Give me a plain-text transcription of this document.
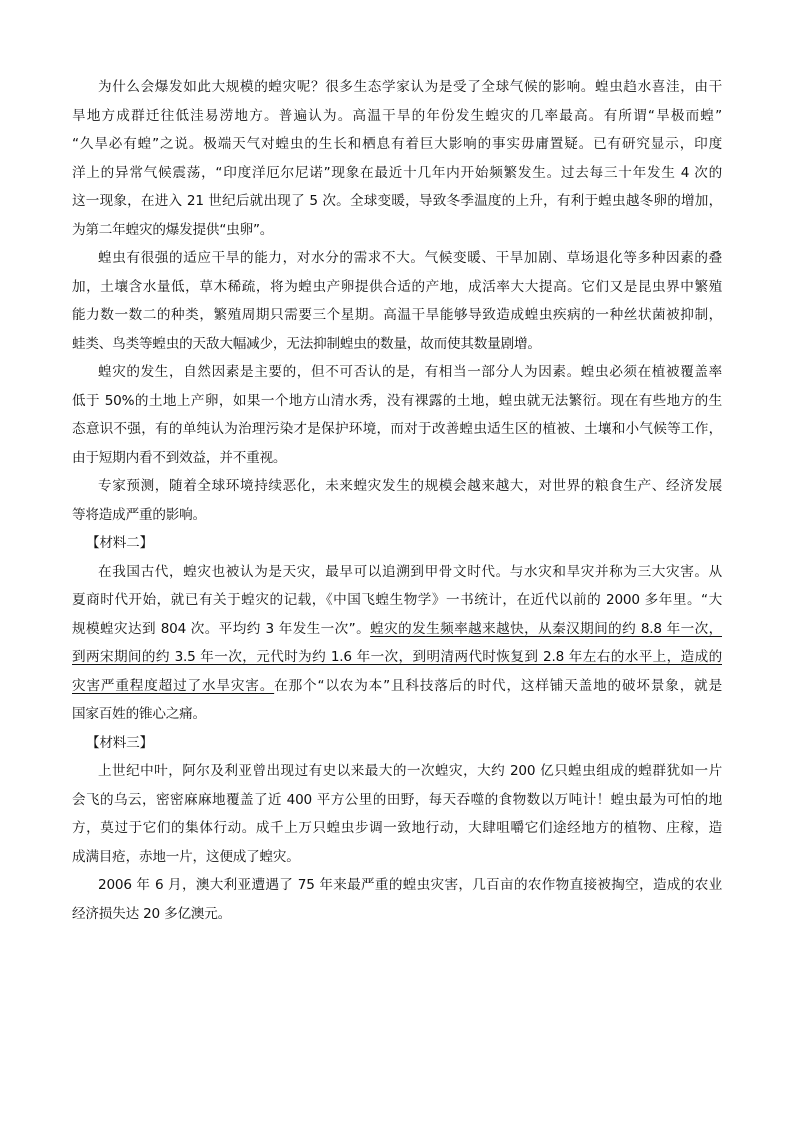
为什么会爆发如此大规模的蝗灾呢？很多生态学家认为是受了全球气候的影响。蝗虫趋水喜洼，由干
旱地方成群迁往低洼易涝地方。普遍认为。高温干旱的年份发生蝗灾的几率最高。有所谓“旱极而蝗”
“久旱必有蝗”之说。极端天气对蝗虫的生长和栖息有着巨大影响的事实毋庸置疑。已有研究显示，印度
洋上的异常气候震荡，“印度洋厄尔尼诺”现象在最近十几年内开始频繁发生。过去每三十年发生 4 次的
这一现象，在进入 21 世纪后就出现了 5 次。全球变暖，导致冬季温度的上升，有利于蝗虫越冬卵的增加，
为第二年蝗灾的爆发提供“虫卵”。
蝗虫有很强的适应干旱的能力，对水分的需求不大。气候变暖、干旱加剧、草场退化等多种因素的叠
加，土壤含水量低，草木稀疏，将为蝗虫产卵提供合适的产地，成活率大大提高。它们又是昆虫界中繁殖
能力数一数二的种类，繁殖周期只需要三个星期。高温干旱能够导致造成蝗虫疾病的一种丝状菌被抑制，
蛙类、鸟类等蝗虫的天敌大幅减少，无法抑制蝗虫的数量，故而使其数量剧增。
蝗灾的发生，自然因素是主要的，但不可否认的是，有相当一部分人为因素。蝗虫必须在植被覆盖率
低于 50%的土地上产卵，如果一个地方山清水秀，没有裸露的土地，蝗虫就无法繁衍。现在有些地方的生
态意识不强，有的单纯认为治理污染才是保护环境，而对于改善蝗虫适生区的植被、土壤和小气候等工作，
由于短期内看不到效益，并不重视。
专家预测，随着全球环境持续恶化，未来蝗灾发生的规模会越来越大，对世界的粮食生产、经济发展
等将造成严重的影响。
【材料二】
在我国古代，蝗灾也被认为是天灾，最早可以追溯到甲骨文时代。与水灾和旱灾并称为三大灾害。从
夏商时代开始，就已有关于蝗灾的记载，《中国飞蝗生物学》一书统计，在近代以前的 2000 多年里。“大
规模蝗灾达到 804 次。平均约 3 年发生一次”。蝗灾的发生频率越来越快，从秦汉期间的约 8.8 年一次，
到两宋期间的约 3.5 年一次，元代时为约 1.6 年一次，到明清两代时恢复到 2.8 年左右的水平上，造成的
灾害严重程度超过了水旱灾害。在那个“以农为本”且科技落后的时代，这样铺天盖地的破坏景象，就是
国家百姓的锥心之痛。
【材料三】
上世纪中叶，阿尔及利亚曾出现过有史以来最大的一次蝗灾，大约 200 亿只蝗虫组成的蝗群犹如一片
会飞的乌云，密密麻麻地覆盖了近 400 平方公里的田野，每天吞噬的食物数以万吨计！蝗虫最为可怕的地
方，莫过于它们的集体行动。成千上万只蝗虫步调一致地行动，大肆咀嚼它们途经地方的植物、庄稼，造
成满目疮，赤地一片，这便成了蝗灾。
2006 年 6 月，澳大利亚遭遇了 75 年来最严重的蝗虫灾害，几百亩的农作物直接被掏空，造成的农业
经济损失达 20 多亿澳元。
